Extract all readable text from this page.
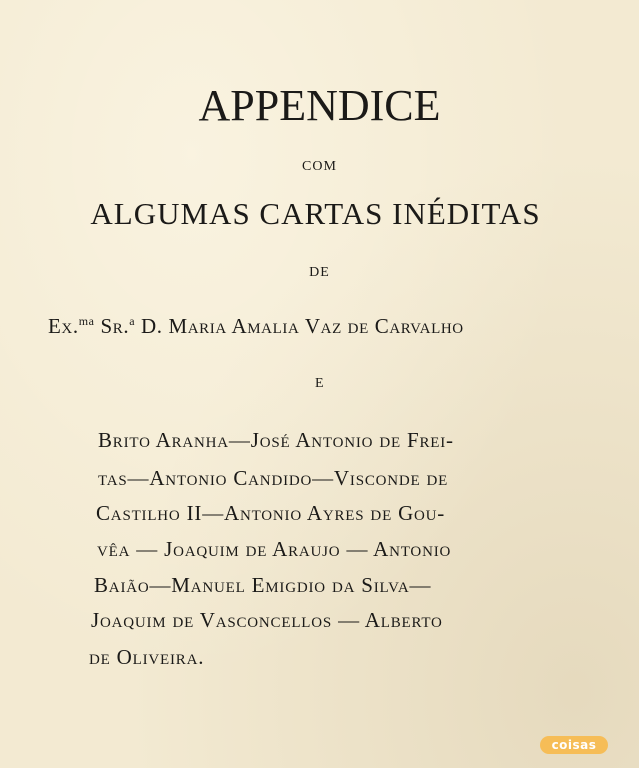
APPENDICE
COM
ALGUMAS CARTAS INÉDITAS
DE
Ex.$^{ma}$ Sr.$^a$ D. Maria Amalia Vaz de Carvalho
E
Brito Aranha—José Antonio de Frei-
tas—Antonio Candido—Visconde de
Castilho II—Antonio Ayres de Gou-
vêa — Joaquim de Araujo — Antonio
Baião—Manuel Emigdio da Silva—
Joaquim de Vasconcellos — Alberto
de Oliveira.
coisas
